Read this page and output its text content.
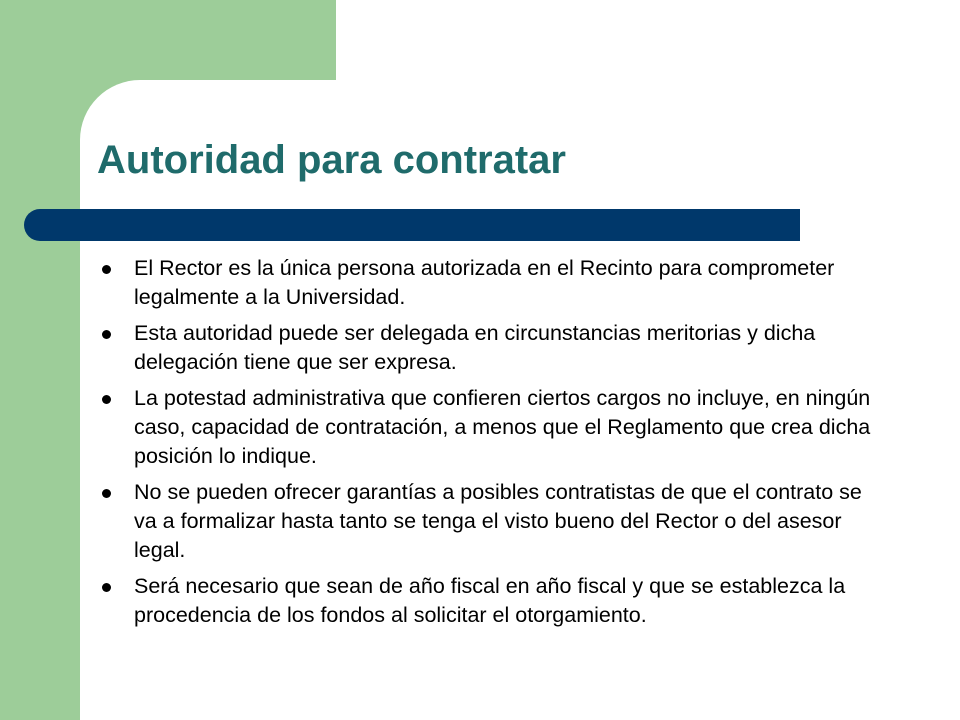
Autoridad para contratar
El Rector es la única persona autorizada en el Recinto para comprometer legalmente a la Universidad.
Esta autoridad puede ser delegada en circunstancias meritorias y dicha delegación tiene que ser expresa.
La potestad administrativa que confieren ciertos cargos no incluye, en ningún caso, capacidad de contratación, a menos que el Reglamento que crea dicha posición lo indique.
No se pueden ofrecer garantías a posibles contratistas de que el contrato se va a formalizar hasta tanto se tenga el visto bueno del Rector o del asesor legal.
Será necesario que sean de año fiscal en año fiscal y que se establezca la procedencia de los fondos al solicitar el otorgamiento.
